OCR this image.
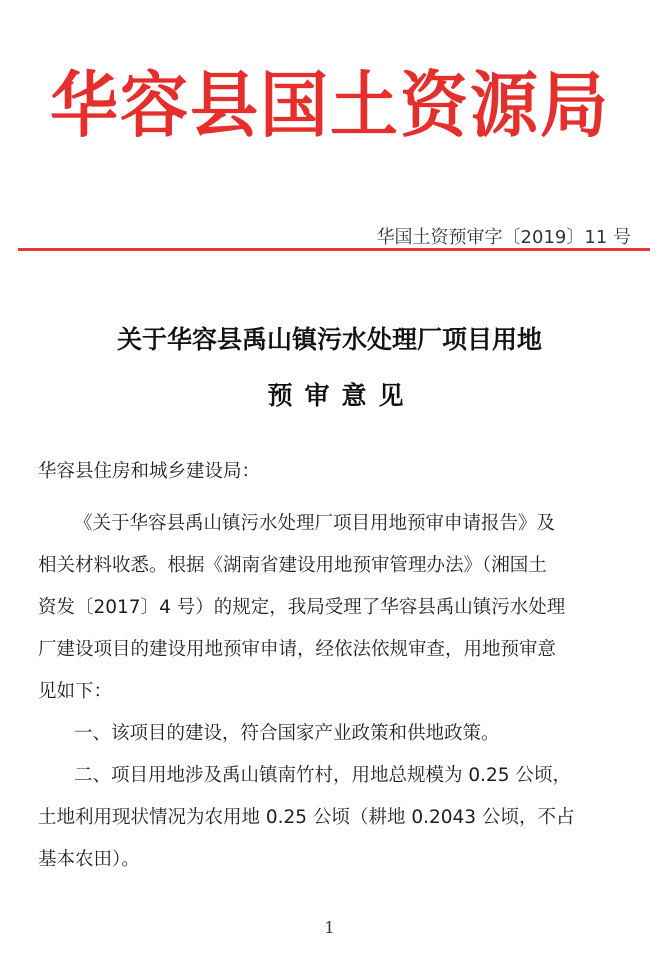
华容县国土资源局
华国土资预审字〔2019〕11 号
关于华容县禹山镇污水处理厂项目用地
预审意见
华容县住房和城乡建设局：
《关于华容县禹山镇污水处理厂项目用地预审申请报告》及
相关材料收悉。根据《湖南省建设用地预审管理办法》（湘国土
资发〔2017〕4 号）的规定，我局受理了华容县禹山镇污水处理
厂建设项目的建设用地预审申请，经依法依规审查，用地预审意
见如下：
一、该项目的建设，符合国家产业政策和供地政策。
二、项目用地涉及禹山镇南竹村，用地总规模为 0.25 公顷，
土地利用现状情况为农用地 0.25 公顷（耕地 0.2043 公顷，不占
基本农田）。
1
